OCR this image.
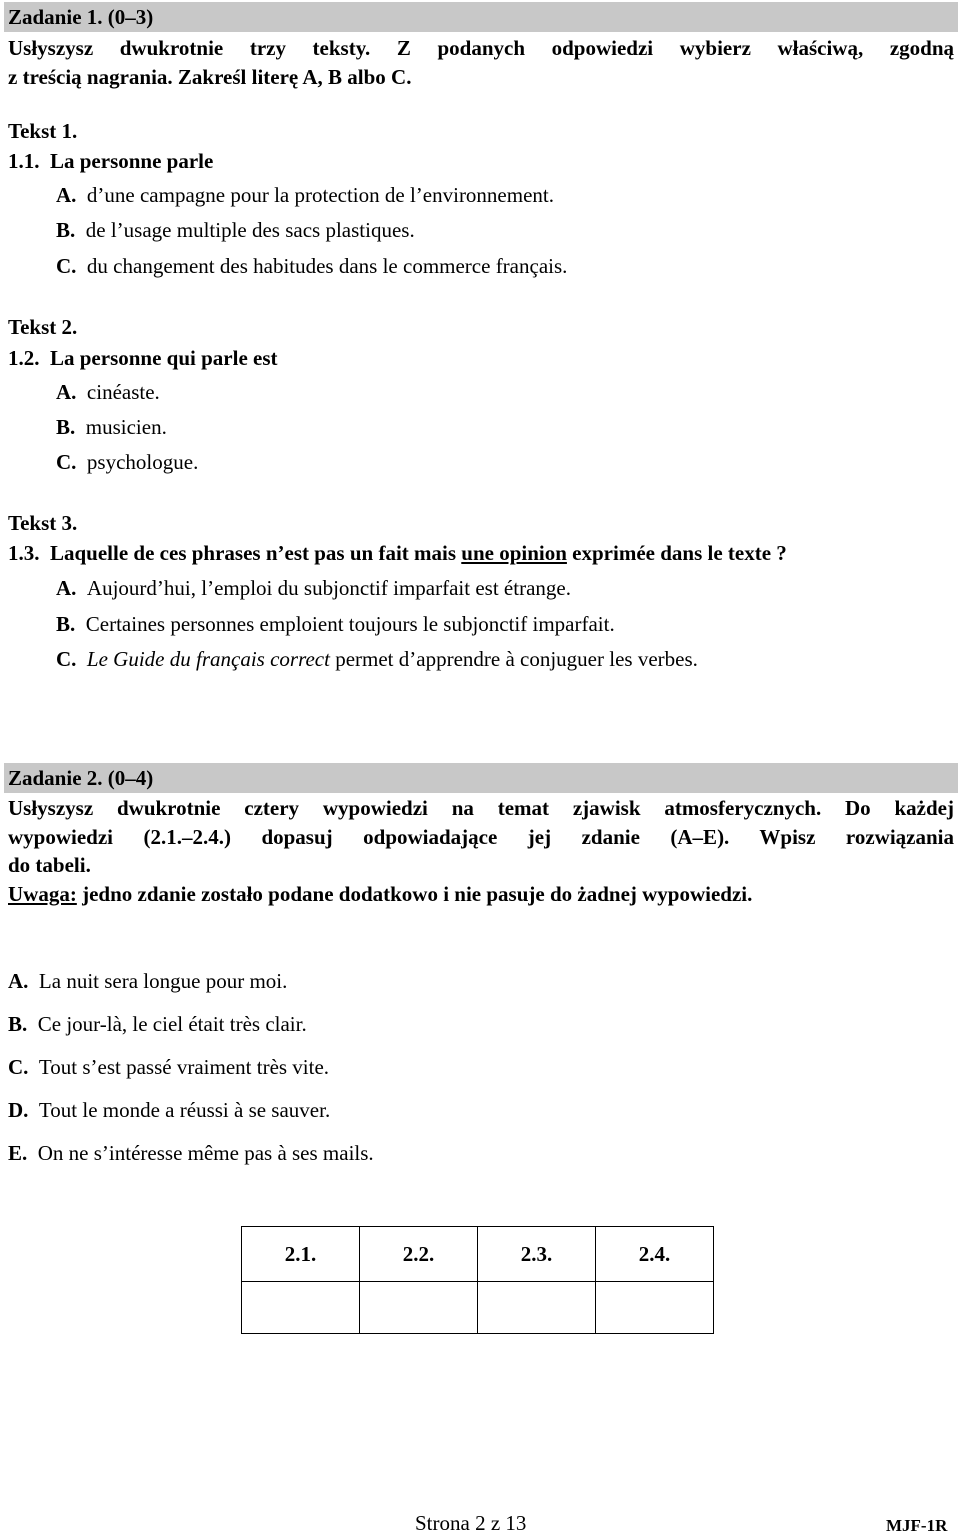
Zadanie 1. (0–3)
Usłyszysz dwukrotnie trzy teksty. Z podanych odpowiedzi wybierz właściwą, zgodną
z treścią nagrania. Zakreśl literę A, B albo C.
Tekst 1.
1.1. La personne parle
A. d’une campagne pour la protection de l’environnement.
B. de l’usage multiple des sacs plastiques.
C. du changement des habitudes dans le commerce français.
Tekst 2.
1.2. La personne qui parle est
A. cinéaste.
B. musicien.
C. psychologue.
Tekst 3.
1.3. Laquelle de ces phrases n’est pas un fait mais une opinion exprimée dans le texte ?
A. Aujourd’hui, l’emploi du subjonctif imparfait est étrange.
B. Certaines personnes emploient toujours le subjonctif imparfait.
C. Le Guide du français correct permet d’apprendre à conjuguer les verbes.
Zadanie 2. (0–4)
Usłyszysz dwukrotnie cztery wypowiedzi na temat zjawisk atmosferycznych. Do każdej
wypowiedzi (2.1.–2.4.) dopasuj odpowiadające jej zdanie (A–E). Wpisz rozwiązania
do tabeli.
Uwaga: jedno zdanie zostało podane dodatkowo i nie pasuje do żadnej wypowiedzi.
A. La nuit sera longue pour moi.
B. Ce jour-là, le ciel était très clair.
C. Tout s’est passé vraiment très vite.
D. Tout le monde a réussi à se sauver.
E. On ne s’intéresse même pas à ses mails.
2.1.	2.2.	2.3.	2.4.

Strona 2 z 13	MJF-1R
